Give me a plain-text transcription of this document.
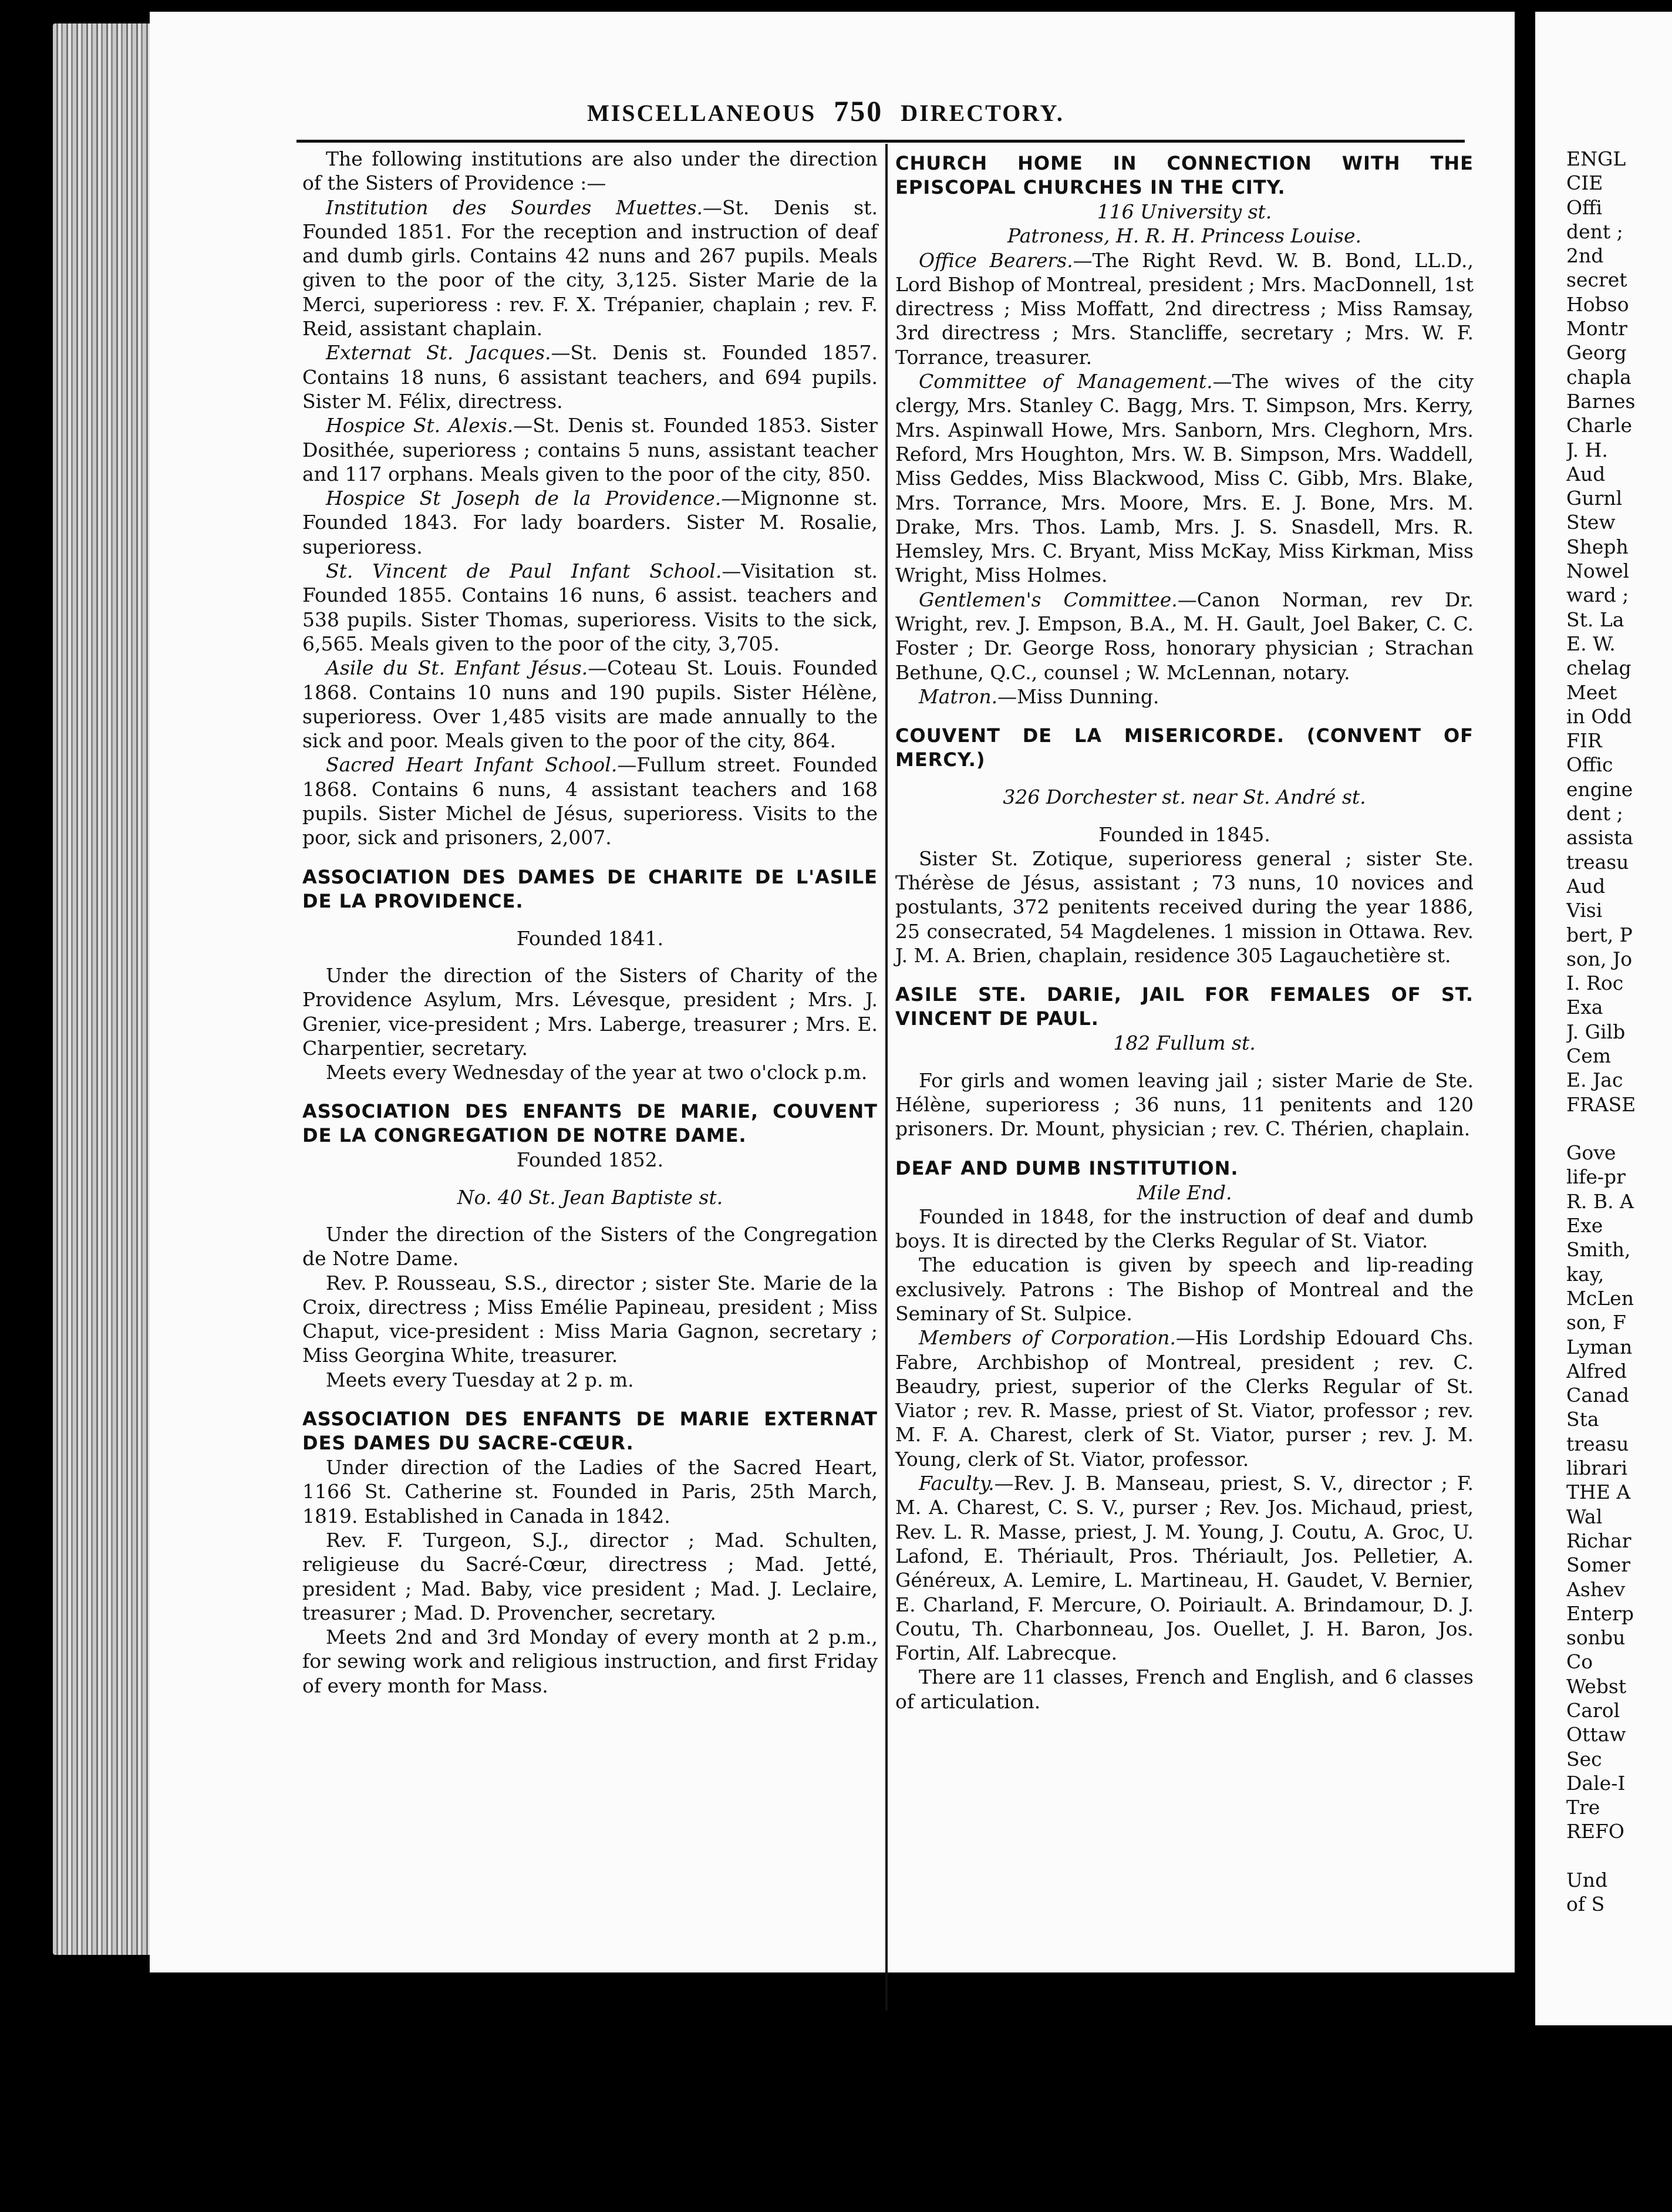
MISCELLANEOUS 750 DIRECTORY.

The following institutions are also under the direction of the Sisters of Providence :—

Institution des Sourdes Muettes.—St. Denis st. Founded 1851. For the reception and instruction of deaf and dumb girls. Contains 42 nuns and 267 pupils. Meals given to the poor of the city, 3,125. Sister Marie de la Merci, superioress : rev. F. X. Trépanier, chaplain ; rev. F. Reid, assistant chaplain.

Externat St. Jacques.—St. Denis st. Founded 1857. Contains 18 nuns, 6 assistant teachers, and 694 pupils. Sister M. Félix, directress.

Hospice St. Alexis.—St. Denis st. Founded 1853. Sister Dosithée, superioress ; contains 5 nuns, assistant teacher and 117 orphans. Meals given to the poor of the city, 850.

Hospice St Joseph de la Providence.—Mignonne st. Founded 1843. For lady boarders. Sister M. Rosalie, superioress.

St. Vincent de Paul Infant School.—Visitation st. Founded 1855. Contains 16 nuns, 6 assist. teachers and 538 pupils. Sister Thomas, superioress. Visits to the sick, 6,565. Meals given to the poor of the city, 3,705.

Asile du St. Enfant Jésus.—Coteau St. Louis. Founded 1868. Contains 10 nuns and 190 pupils. Sister Hélène, superioress. Over 1,485 visits are made annually to the sick and poor. Meals given to the poor of the city, 864.

Sacred Heart Infant School.—Fullum street. Founded 1868. Contains 6 nuns, 4 assistant teachers and 168 pupils. Sister Michel de Jésus, superioress. Visits to the poor, sick and prisoners, 2,007.

ASSOCIATION DES DAMES DE CHARITE DE L'ASILE DE LA PROVIDENCE.

Founded 1841.

Under the direction of the Sisters of Charity of the Providence Asylum, Mrs. Lévesque, president ; Mrs. J. Grenier, vice-president ; Mrs. Laberge, treasurer ; Mrs. E. Charpentier, secretary.

Meets every Wednesday of the year at two o'clock p.m.

ASSOCIATION DES ENFANTS DE MARIE, COUVENT DE LA CONGREGATION DE NOTRE DAME.

Founded 1852.

No. 40 St. Jean Baptiste st.

Under the direction of the Sisters of the Congregation de Notre Dame.

Rev. P. Rousseau, S.S., director ; sister Ste. Marie de la Croix, directress ; Miss Emélie Papineau, president ; Miss Chaput, vice-president : Miss Maria Gagnon, secretary ; Miss Georgina White, treasurer.

Meets every Tuesday at 2 p. m.

ASSOCIATION DES ENFANTS DE MARIE EXTERNAT DES DAMES DU SACRE-CŒUR.

Under direction of the Ladies of the Sacred Heart, 1166 St. Catherine st. Founded in Paris, 25th March, 1819. Established in Canada in 1842.

Rev. F. Turgeon, S.J., director ; Mad. Schulten, religieuse du Sacré-Cœur, directress ; Mad. Jetté, president ; Mad. Baby, vice president ; Mad. J. Leclaire, treasurer ; Mad. D. Provencher, secretary.

Meets 2nd and 3rd Monday of every month at 2 p.m., for sewing work and religious instruction, and first Friday of every month for Mass.

CHURCH HOME IN CONNECTION WITH THE EPISCOPAL CHURCHES IN THE CITY.

116 University st.

Patroness, H. R. H. Princess Louise.

Office Bearers.—The Right Revd. W. B. Bond, LL.D., Lord Bishop of Montreal, president ; Mrs. MacDonnell, 1st directress ; Miss Moffatt, 2nd directress ; Miss Ramsay, 3rd directress ; Mrs. Stancliffe, secretary ; Mrs. W. F. Torrance, treasurer.

Committee of Management.—The wives of the city clergy, Mrs. Stanley C. Bagg, Mrs. T. Simpson, Mrs. Kerry, Mrs. Aspinwall Howe, Mrs. Sanborn, Mrs. Cleghorn, Mrs. Reford, Mrs Houghton, Mrs. W. B. Simpson, Mrs. Waddell, Miss Geddes, Miss Blackwood, Miss C. Gibb, Mrs. Blake, Mrs. Torrance, Mrs. Moore, Mrs. E. J. Bone, Mrs. M. Drake, Mrs. Thos. Lamb, Mrs. J. S. Snasdell, Mrs. R. Hemsley, Mrs. C. Bryant, Miss McKay, Miss Kirkman, Miss Wright, Miss Holmes.

Gentlemen's Committee.—Canon Norman, rev Dr. Wright, rev. J. Empson, B.A., M. H. Gault, Joel Baker, C. C. Foster ; Dr. George Ross, honorary physician ; Strachan Bethune, Q.C., counsel ; W. McLennan, notary.

Matron.—Miss Dunning.

COUVENT DE LA MISERICORDE. (CONVENT OF MERCY.)

326 Dorchester st. near St. André st.

Founded in 1845.

Sister St. Zotique, superioress general ; sister Ste. Thérèse de Jésus, assistant ; 73 nuns, 10 novices and postulants, 372 penitents received during the year 1886, 25 consecrated, 54 Magdelenes. 1 mission in Ottawa. Rev. J. M. A. Brien, chaplain, residence 305 Lagauchetière st.

ASILE STE. DARIE, JAIL FOR FEMALES OF ST. VINCENT DE PAUL.

182 Fullum st.

For girls and women leaving jail ; sister Marie de Ste. Hélène, superioress ; 36 nuns, 11 penitents and 120 prisoners. Dr. Mount, physician ; rev. C. Thérien, chaplain.

DEAF AND DUMB INSTITUTION.

Mile End.

Founded in 1848, for the instruction of deaf and dumb boys. It is directed by the Clerks Regular of St. Viator.

The education is given by speech and lip-reading exclusively. Patrons : The Bishop of Montreal and the Seminary of St. Sulpice.

Members of Corporation.—His Lordship Edouard Chs. Fabre, Archbishop of Montreal, president ; rev. C. Beaudry, priest, superior of the Clerks Regular of St. Viator ; rev. R. Masse, priest of St. Viator, professor ; rev. M. F. A. Charest, clerk of St. Viator, purser ; rev. J. M. Young, clerk of St. Viator, professor.

Faculty.—Rev. J. B. Manseau, priest, S. V., director ; F. M. A. Charest, C. S. V., purser ; Rev. Jos. Michaud, priest, Rev. L. R. Masse, priest, J. M. Young, J. Coutu, A. Groc, U. Lafond, E. Thériault, Pros. Thériault, Jos. Pelletier, A. Généreux, A. Lemire, L. Martineau, H. Gaudet, V. Bernier, E. Charland, F. Mercure, O. Poiriault. A. Brindamour, D. J. Coutu, Th. Charbonneau, Jos. Ouellet, J. H. Baron, Jos. Fortin, Alf. Labrecque.

There are 11 classes, French and English, and 6 classes of articulation.

ENGL

CIE

Offi

dent ;

2nd

secret

Hobso

Montr

Georg

chapla

Barnes

Charle

J. H.

Aud

Gurnl

Stew

Sheph

Nowel

ward ;

St. La

E. W.

chelag

Meet

in Odd

FIR

Offic

engine

dent ;

assista

treasu

Aud

Visi

bert, P

son, Jo

I. Roc

Exa

J. Gilb

Cem

E. Jac

FRASE

Gove

life-pr

R. B. A

Exe

Smith,

kay,

McLen

son, F

Lyman

Alfred

Canad

Sta

treasu

librari

THE A

Wal

Richar

Somer

Ashev

Enterp

sonbu

Co

Webst

Carol

Ottaw

Sec

Dale-I

Tre

REFO

Und

of S
